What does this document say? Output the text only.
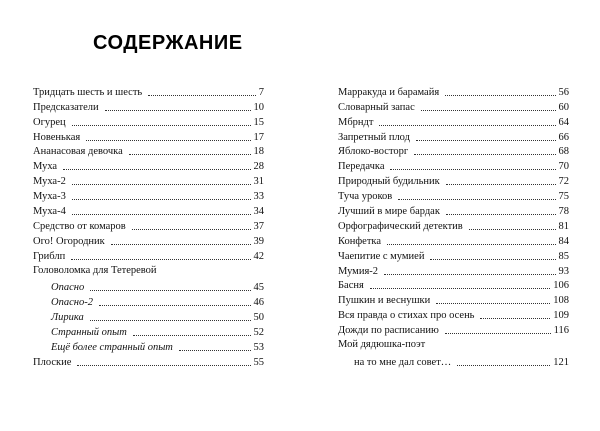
СОДЕРЖАНИЕ
Тридцать шесть и шесть	7
Предсказатели	10
Огурец	15
Новенькая	17
Ананасовая девочка	18
Муха	28
Муха-2	31
Муха-3	33
Муха-4	34
Средство от комаров	37
Ого! Огородник	39
Гриблп	42
Головоломка для Тетеревой
Опасно	45
Опасно-2	46
Лирика	50
Странный опыт	52
Ещё более странный опыт	53
Плоские	55
Марракуда и барамайя	56
Словарный запас	60
Мбрндт	64
Запретный плод	66
Яблоко-восторг	68
Передачка	70
Природный будильник	72
Туча уроков	75
Лучший в мире бардак	78
Орфографический детектив	81
Конфетка	84
Чаепитие с мумией	85
Мумия-2	93
Басня	106
Пушкин и веснушки	108
Вся правда о стихах про осень	109
Дожди по расписанию	116
Мой дядюшка-поэт
на то мне дал совет…	121
